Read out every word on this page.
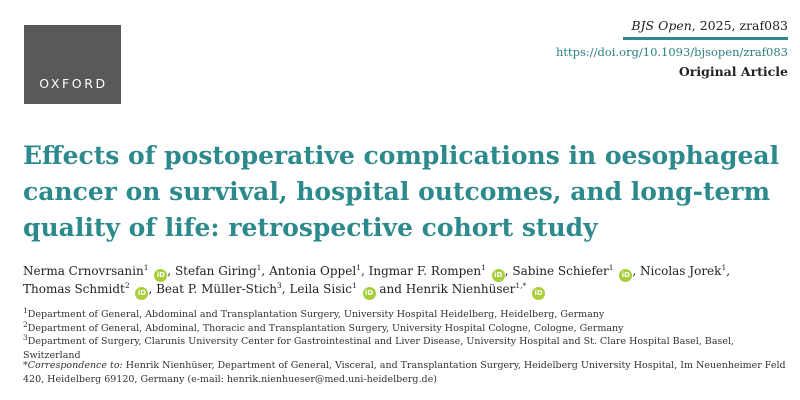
OXFORD
BJS Open, 2025, zraf083
https://doi.org/10.1093/bjsopen/zraf083
Original Article
Effects of postoperative complications in oesophageal cancer on survival, hospital outcomes, and long-term quality of life: retrospective cohort study
Nerma Crnovrsanin$^1$ iD , Stefan Giring$^1$, Antonia Oppel$^1$, Ingmar F. Rompen$^1$ iD , Sabine Schiefer$^1$ iD , Nicolas Jorek$^1$,
Thomas Schmidt$^2$ iD , Beat P. Müller-Stich$^3$, Leila Sisic$^1$ iD and Henrik Nienhüser$^{1,*}$ iD
$^1$Department of General, Abdominal and Transplantation Surgery, University Hospital Heidelberg, Heidelberg, Germany
$^2$Department of General, Abdominal, Thoracic and Transplantation Surgery, University Hospital Cologne, Cologne, Germany
$^3$Department of Surgery, Clarunis University Center for Gastrointestinal and Liver Disease, University Hospital and St. Clare Hospital Basel, Basel, Switzerland
*Correspondence to: Henrik Nienhüser, Department of General, Visceral, and Transplantation Surgery, Heidelberg University Hospital, Im Neuenheimer Feld 420, Heidelberg 69120, Germany (e-mail: henrik.nienhueser@med.uni-heidelberg.de)
